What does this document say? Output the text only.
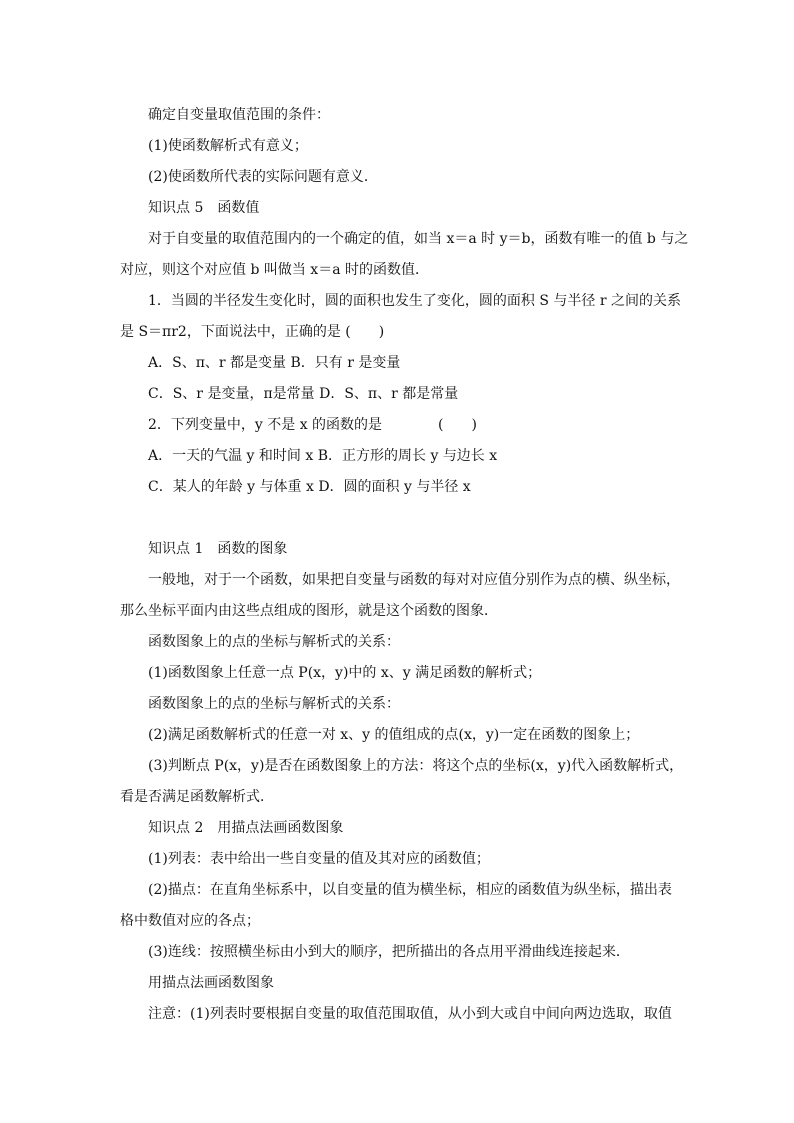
确定自变量取值范围的条件：
(1)使函数解析式有意义；
(2)使函数所代表的实际问题有意义．
知识点 5　函数值
对于自变量的取值范围内的一个确定的值，如当 x＝a 时 y＝b，函数有唯一的值 b 与之
对应，则这个对应值 b 叫做当 x＝a 时的函数值．
1．当圆的半径发生变化时，圆的面积也发生了变化，圆的面积 S 与半径 r 之间的关系
是 S＝πr2，下面说法中，正确的是 (　　)
A．S、π、r 都是变量 B．只有 r 是变量
C．S、r 是变量，π是常量 D．S、π、r 都是常量
2．下列变量中，y 不是 x 的函数的是　　　　(　　)
A．一天的气温 y 和时间 x B．正方形的周长 y 与边长 x
C．某人的年龄 y 与体重 x D．圆的面积 y 与半径 x
知识点 1　函数的图象
一般地，对于一个函数，如果把自变量与函数的每对对应值分别作为点的横、纵坐标，
那么坐标平面内由这些点组成的图形，就是这个函数的图象．
函数图象上的点的坐标与解析式的关系：
(1)函数图象上任意一点 P(x，y)中的 x、y 满足函数的解析式；
函数图象上的点的坐标与解析式的关系：
(2)满足函数解析式的任意一对 x、y 的值组成的点(x，y)一定在函数的图象上；
(3)判断点 P(x，y)是否在函数图象上的方法：将这个点的坐标(x，y)代入函数解析式，
看是否满足函数解析式．
知识点 2　用描点法画函数图象
(1)列表：表中给出一些自变量的值及其对应的函数值；
(2)描点：在直角坐标系中，以自变量的值为横坐标，相应的函数值为纵坐标，描出表
格中数值对应的各点；
(3)连线：按照横坐标由小到大的顺序，把所描出的各点用平滑曲线连接起来．
用描点法画函数图象
注意：(1)列表时要根据自变量的取值范围取值，从小到大或自中间向两边选取，取值
